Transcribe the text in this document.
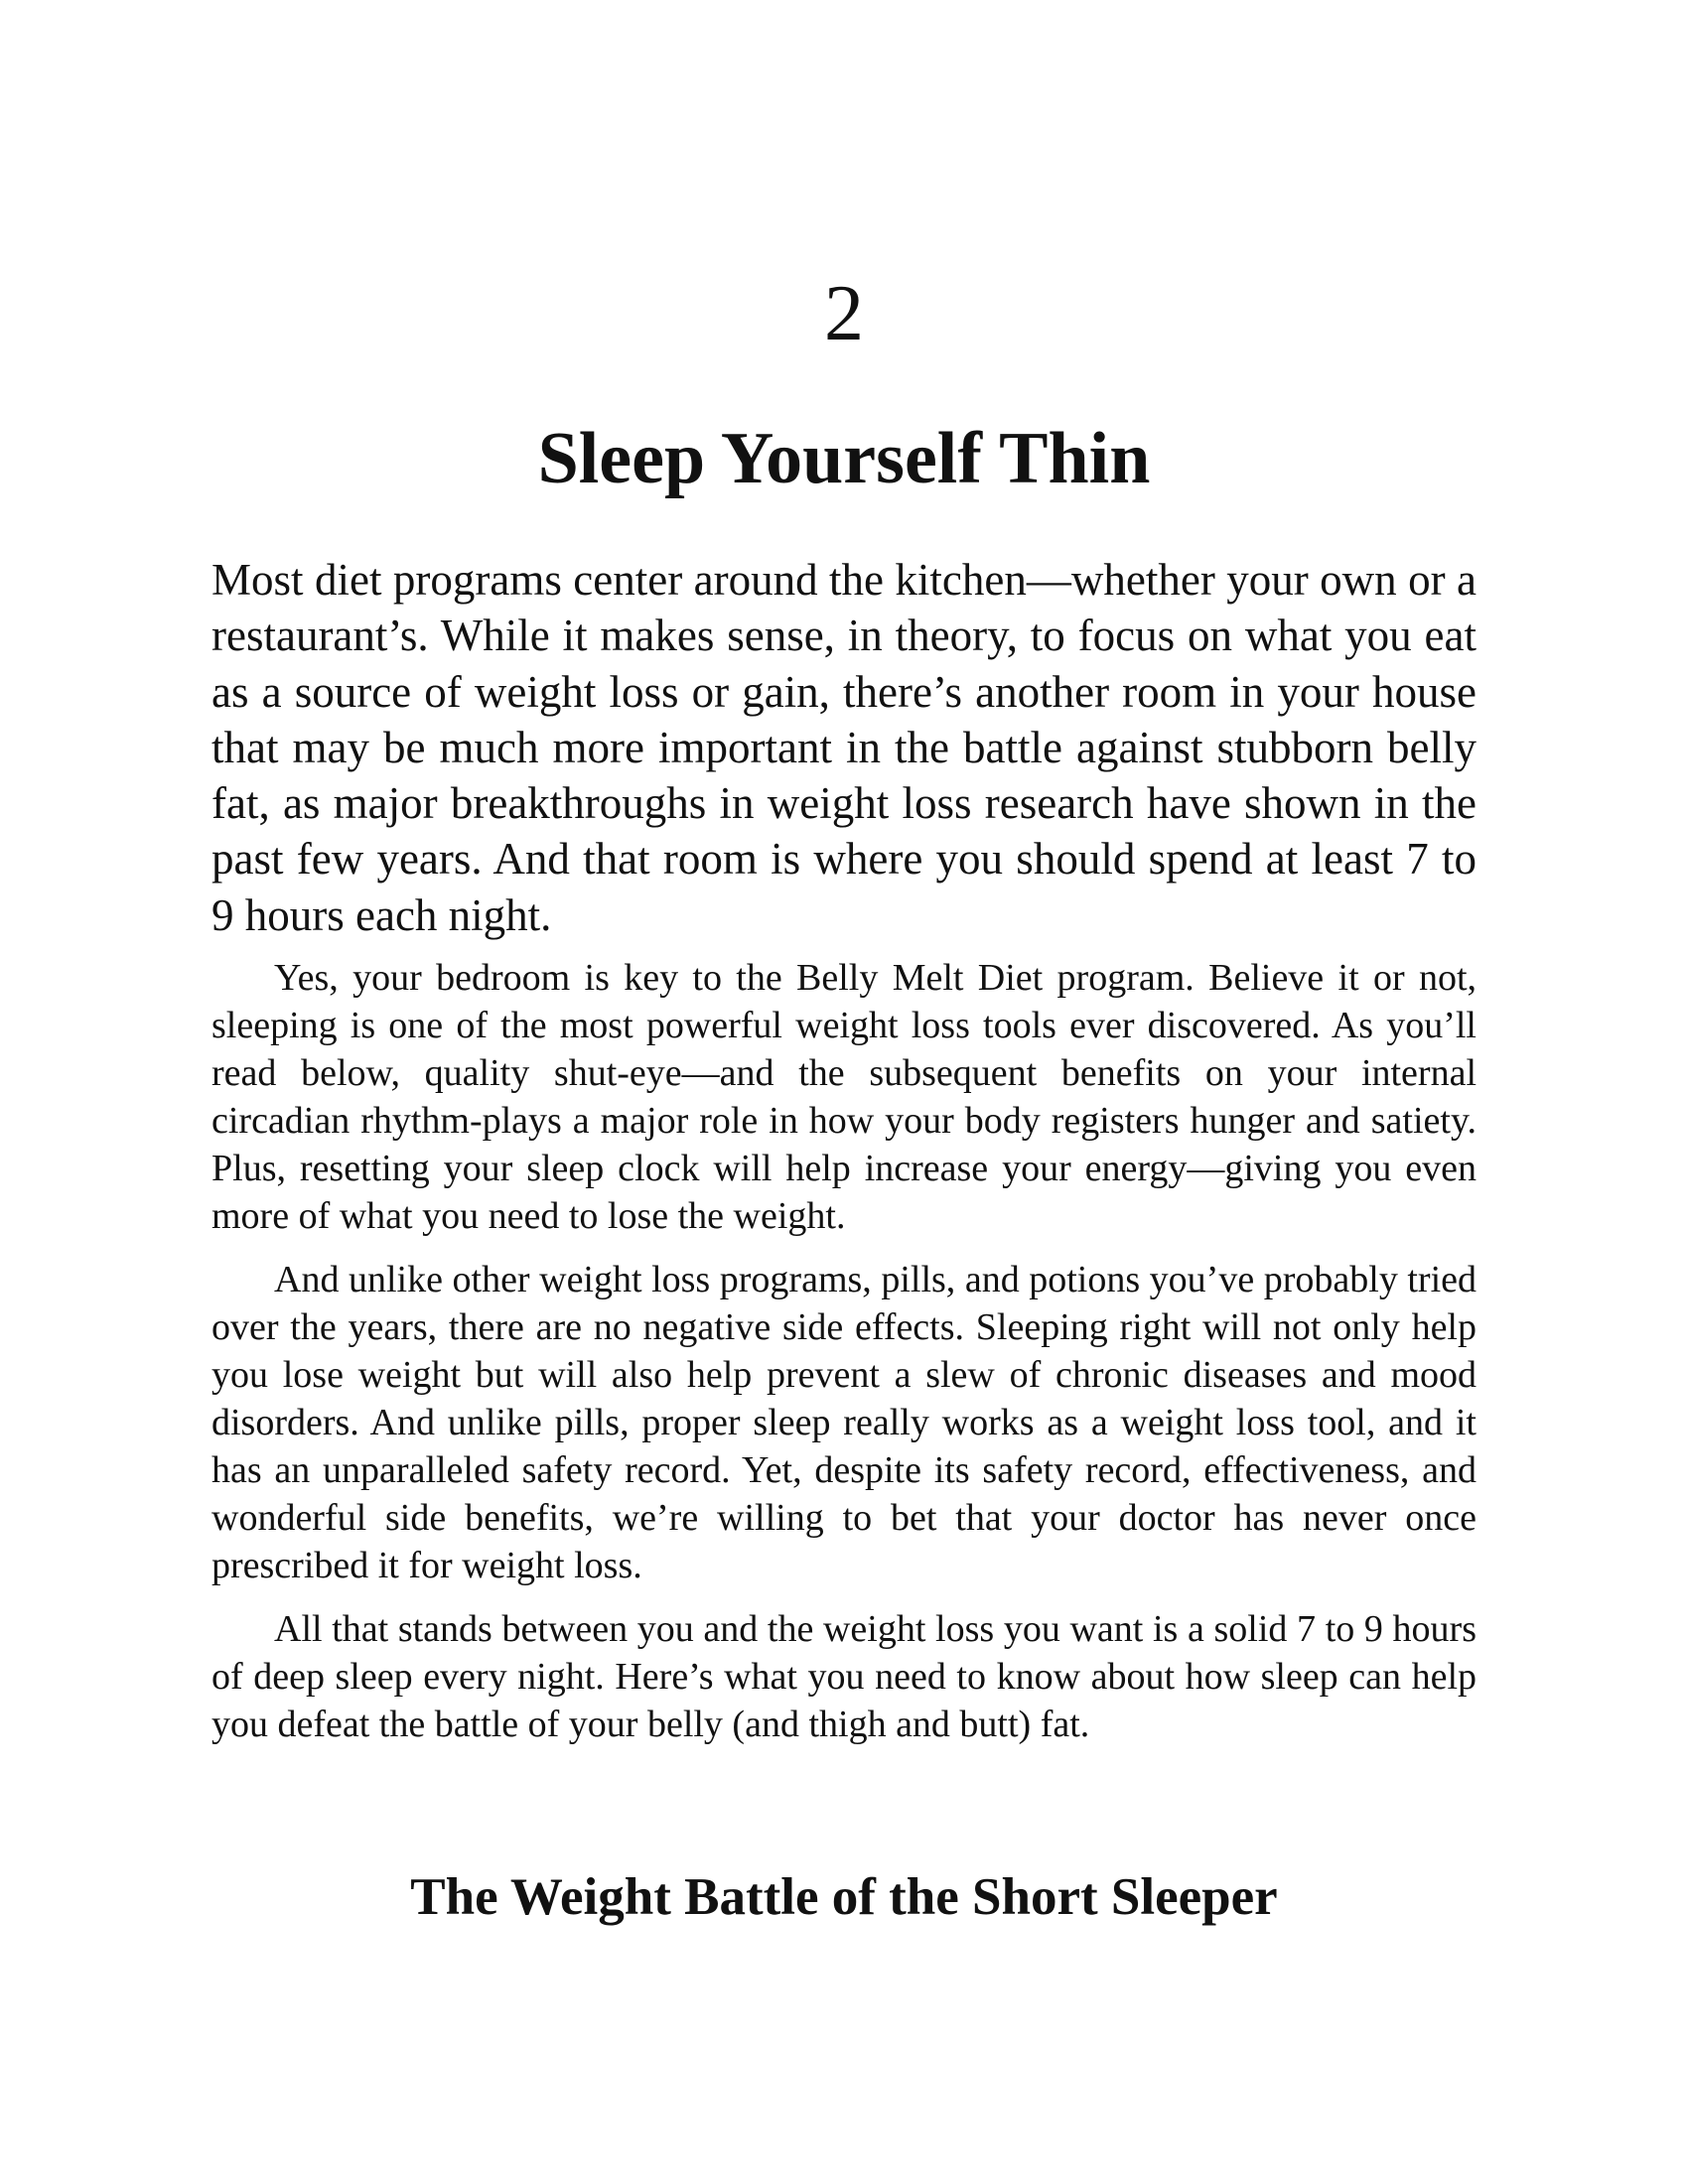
2
Sleep Yourself Thin

Most diet programs center around the kitchen—whether your own or a restaurant’s. While it makes sense, in theory, to focus on what you eat as a source of weight loss or gain, there’s another room in your house that may be much more important in the battle against stubborn belly fat, as major breakthroughs in weight loss research have shown in the past few years. And that room is where you should spend at least 7 to 9 hours each night.

Yes, your bedroom is key to the Belly Melt Diet program. Believe it or not, sleeping is one of the most powerful weight loss tools ever discovered. As you’ll read below, quality shut-eye—and the subsequent benefits on your internal circadian rhythm-plays a major role in how your body registers hunger and satiety. Plus, resetting your sleep clock will help increase your energy—giving you even more of what you need to lose the weight.

And unlike other weight loss programs, pills, and potions you’ve probably tried over the years, there are no negative side effects. Sleeping right will not only help you lose weight but will also help prevent a slew of chronic diseases and mood disorders. And unlike pills, proper sleep really works as a weight loss tool, and it has an unparalleled safety record. Yet, despite its safety record, effectiveness, and wonderful side benefits, we’re willing to bet that your doctor has never once prescribed it for weight loss.

All that stands between you and the weight loss you want is a solid 7 to 9 hours of deep sleep every night. Here’s what you need to know about how sleep can help you defeat the battle of your belly (and thigh and butt) fat.

The Weight Battle of the Short Sleeper
